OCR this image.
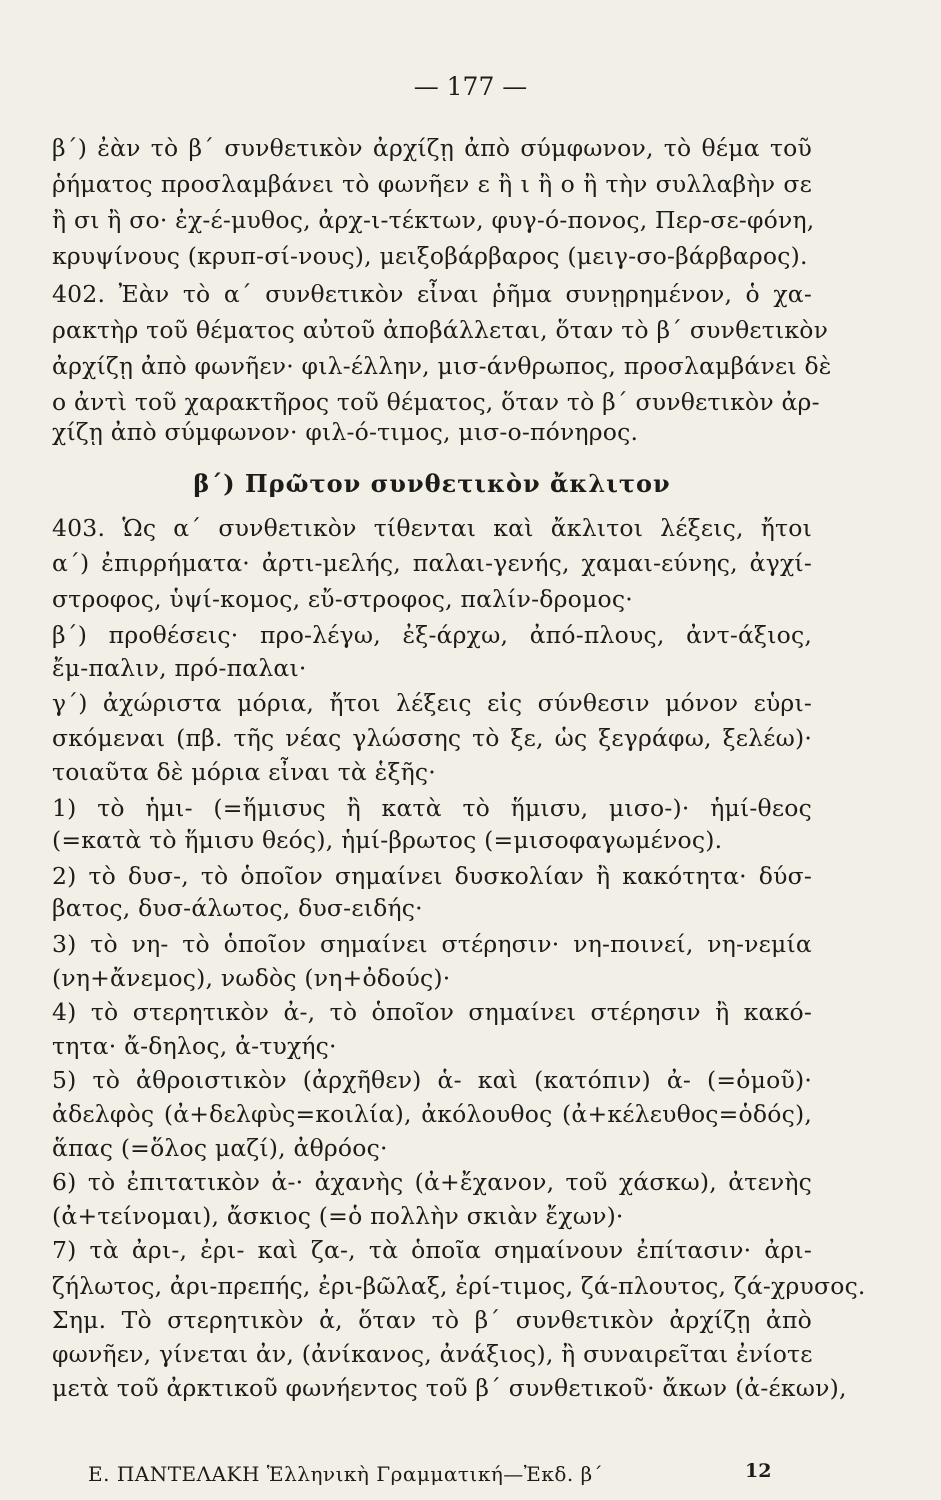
— 177 —
β΄) ἐὰν τὸ β΄ συνθετικὸν ἀρχίζῃ ἀπὸ σύμφωνον, τὸ θέμα τοῦ
ῥήματος προσλαμβάνει τὸ φωνῆεν ε ἢ ι ἢ ο ἢ τὴν συλλαβὴν σε
ἢ σι ἢ σο· ἐχ-έ-μυθος, ἀρχ-ι-τέκτων, φυγ-ό-πονος, Περ-σε-φόνη,
κρυψίνους (κρυπ-σί-νους), μειξοβάρβαρος (μειγ-σο-βάρβαρος).
402. Ἐὰν τὸ α΄ συνθετικὸν εἶναι ῥῆμα συνῃρημένον, ὁ χα-
ρακτὴρ τοῦ θέματος αὐτοῦ ἀποβάλλεται, ὅταν τὸ β΄ συνθετικὸν
ἀρχίζῃ ἀπὸ φωνῆεν· φιλ-έλλην, μισ-άνθρωπος, προσλαμβάνει δὲ
ο ἀντὶ τοῦ χαρακτῆρος τοῦ θέματος, ὅταν τὸ β΄ συνθετικὸν ἀρ-
χίζῃ ἀπὸ σύμφωνον· φιλ-ό-τιμος, μισ-ο-πόνηρος.
β΄) Πρῶτον συνθετικὸν ἄκλιτον
403. Ὡς α΄ συνθετικὸν τίθενται καὶ ἄκλιτοι λέξεις, ἤτοι
α΄) ἐπιρρήματα· ἀρτι-μελής, παλαι-γενής, χαμαι-εύνης, ἀγχί-
στροφος, ὑψί-κομος, εὔ-στροφος, παλίν-δρομος·
β΄) προθέσεις· προ-λέγω, ἐξ-άρχω, ἀπό-πλους, ἀντ-άξιος,
ἔμ-παλιν, πρό-παλαι·
γ΄) ἀχώριστα μόρια, ἤτοι λέξεις εἰς σύνθεσιν μόνον εὑρι-
σκόμεναι (πβ. τῆς νέας γλώσσης τὸ ξε, ὡς ξεγράφω, ξελέω)·
τοιαῦτα δὲ μόρια εἶναι τὰ ἑξῆς·
1) τὸ ἡμι- (=ἥμισυς ἢ κατὰ τὸ ἥμισυ, μισο-)· ἡμί-θεος
(=κατὰ τὸ ἥμισυ θεός), ἡμί-βρωτος (=μισοφαγωμένος).
2) τὸ δυσ-, τὸ ὁποῖον σημαίνει δυσκολίαν ἢ κακότητα· δύσ-
βατος, δυσ-άλωτος, δυσ-ειδής·
3) τὸ νη- τὸ ὁποῖον σημαίνει στέρησιν· νη-ποινεί, νη-νεμία
(νη+ἄνεμος), νωδὸς (νη+ὀδούς)·
4) τὸ στερητικὸν ἀ-, τὸ ὁποῖον σημαίνει στέρησιν ἢ κακό-
τητα· ἄ-δηλος, ἀ-τυχής·
5) τὸ ἀθροιστικὸν (ἀρχῆθεν) ἁ- καὶ (κατόπιν) ἀ- (=ὁμοῦ)·
ἀδελφὸς (ἀ+δελφὺς=κοιλία), ἀκόλουθος (ἀ+κέλευθος=ὁδός),
ἅπας (=ὅλος μαζί), ἀθρόος·
6) τὸ ἐπιτατικὸν ἀ-· ἀχανὴς (ἀ+ἔχανον, τοῦ χάσκω), ἀτενὴς
(ἀ+τείνομαι), ἄσκιος (=ὁ πολλὴν σκιὰν ἔχων)·
7) τὰ ἀρι-, ἐρι- καὶ ζα-, τὰ ὁποῖα σημαίνουν ἐπίτασιν· ἀρι-
ζήλωτος, ἀρι-πρεπής, ἐρι-βῶλαξ, ἐρί-τιμος, ζά-πλουτος, ζά-χρυσος.
Σημ. Τὸ στερητικὸν ἀ, ὅταν τὸ β΄ συνθετικὸν ἀρχίζῃ ἀπὸ
φωνῆεν, γίνεται ἀν, (ἀνίκανος, ἀνάξιος), ἢ συναιρεῖται ἐνίοτε
μετὰ τοῦ ἀρκτικοῦ φωνήεντος τοῦ β΄ συνθετικοῦ· ἄκων (ἀ-έκων),
Ε. ΠΑΝΤΕΛΑΚΗ Ἑλληνικὴ Γραμματική—Ἐκδ. β΄	12
